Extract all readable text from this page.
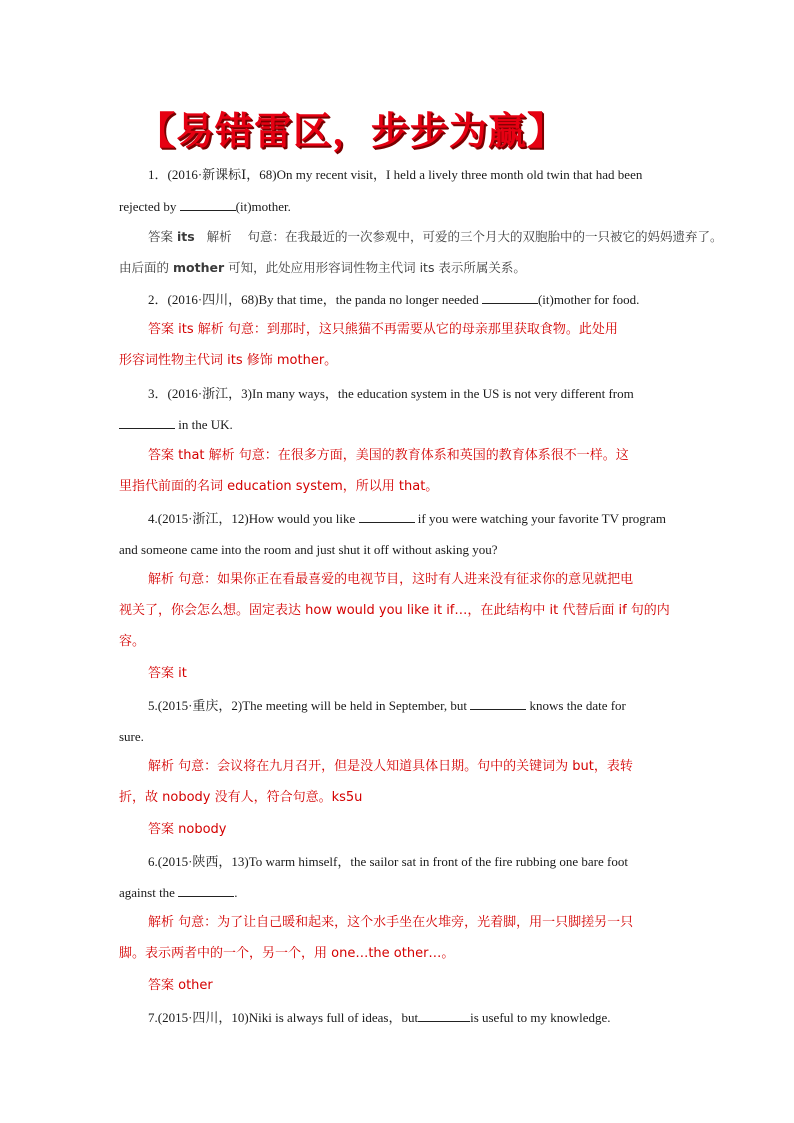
【易错雷区，步步为赢】
1．(2016·新课标Ⅰ，68)On my recent visit，I held a lively three month old twin that had been
rejected by	(it)mother.
答案 its 解析 句意：在我最近的一次参观中，可爱的三个月大的双胞胎中的一只被它的妈妈遗弃了。
由后面的 mother 可知，此处应用形容词性物主代词 its 表示所属关系。
2．(2016·四川，68)By that time，the panda no longer needed	(it)mother for food.
答案 its 解析 句意：到那时，这只熊猫不再需要从它的母亲那里获取食物。此处用
形容词性物主代词 its 修饰 mother。
3．(2016·浙江，3)In many ways，the education system in the US is not very different from
in the UK.
答案 that 解析 句意：在很多方面，美国的教育体系和英国的教育体系很不一样。这
里指代前面的名词 education system，所以用 that。
4.(2015·浙江，12)How would you like	if you were watching your favorite TV program
and someone came into the room and just shut it off without asking you?
解析 句意：如果你正在看最喜爱的电视节目，这时有人进来没有征求你的意见就把电
视关了，你会怎么想。固定表达 how would you like it if…，在此结构中 it 代替后面 if 句的内
容。
答案 it
5.(2015·重庆，2)The meeting will be held in September, but	knows the date for
sure.
解析 句意：会议将在九月召开，但是没人知道具体日期。句中的关键词为 but，表转
折，故 nobody 没有人，符合句意。ks5u
答案 nobody
6.(2015·陕西，13)To warm himself，the sailor sat in front of the fire rubbing one bare foot
against the	.
解析 句意：为了让自己暖和起来，这个水手坐在火堆旁，光着脚，用一只脚搓另一只
脚。表示两者中的一个，另一个，用 one…the other…。
答案 other
7.(2015·四川，10)Niki is always full of ideas，but	is useful to my knowledge.
